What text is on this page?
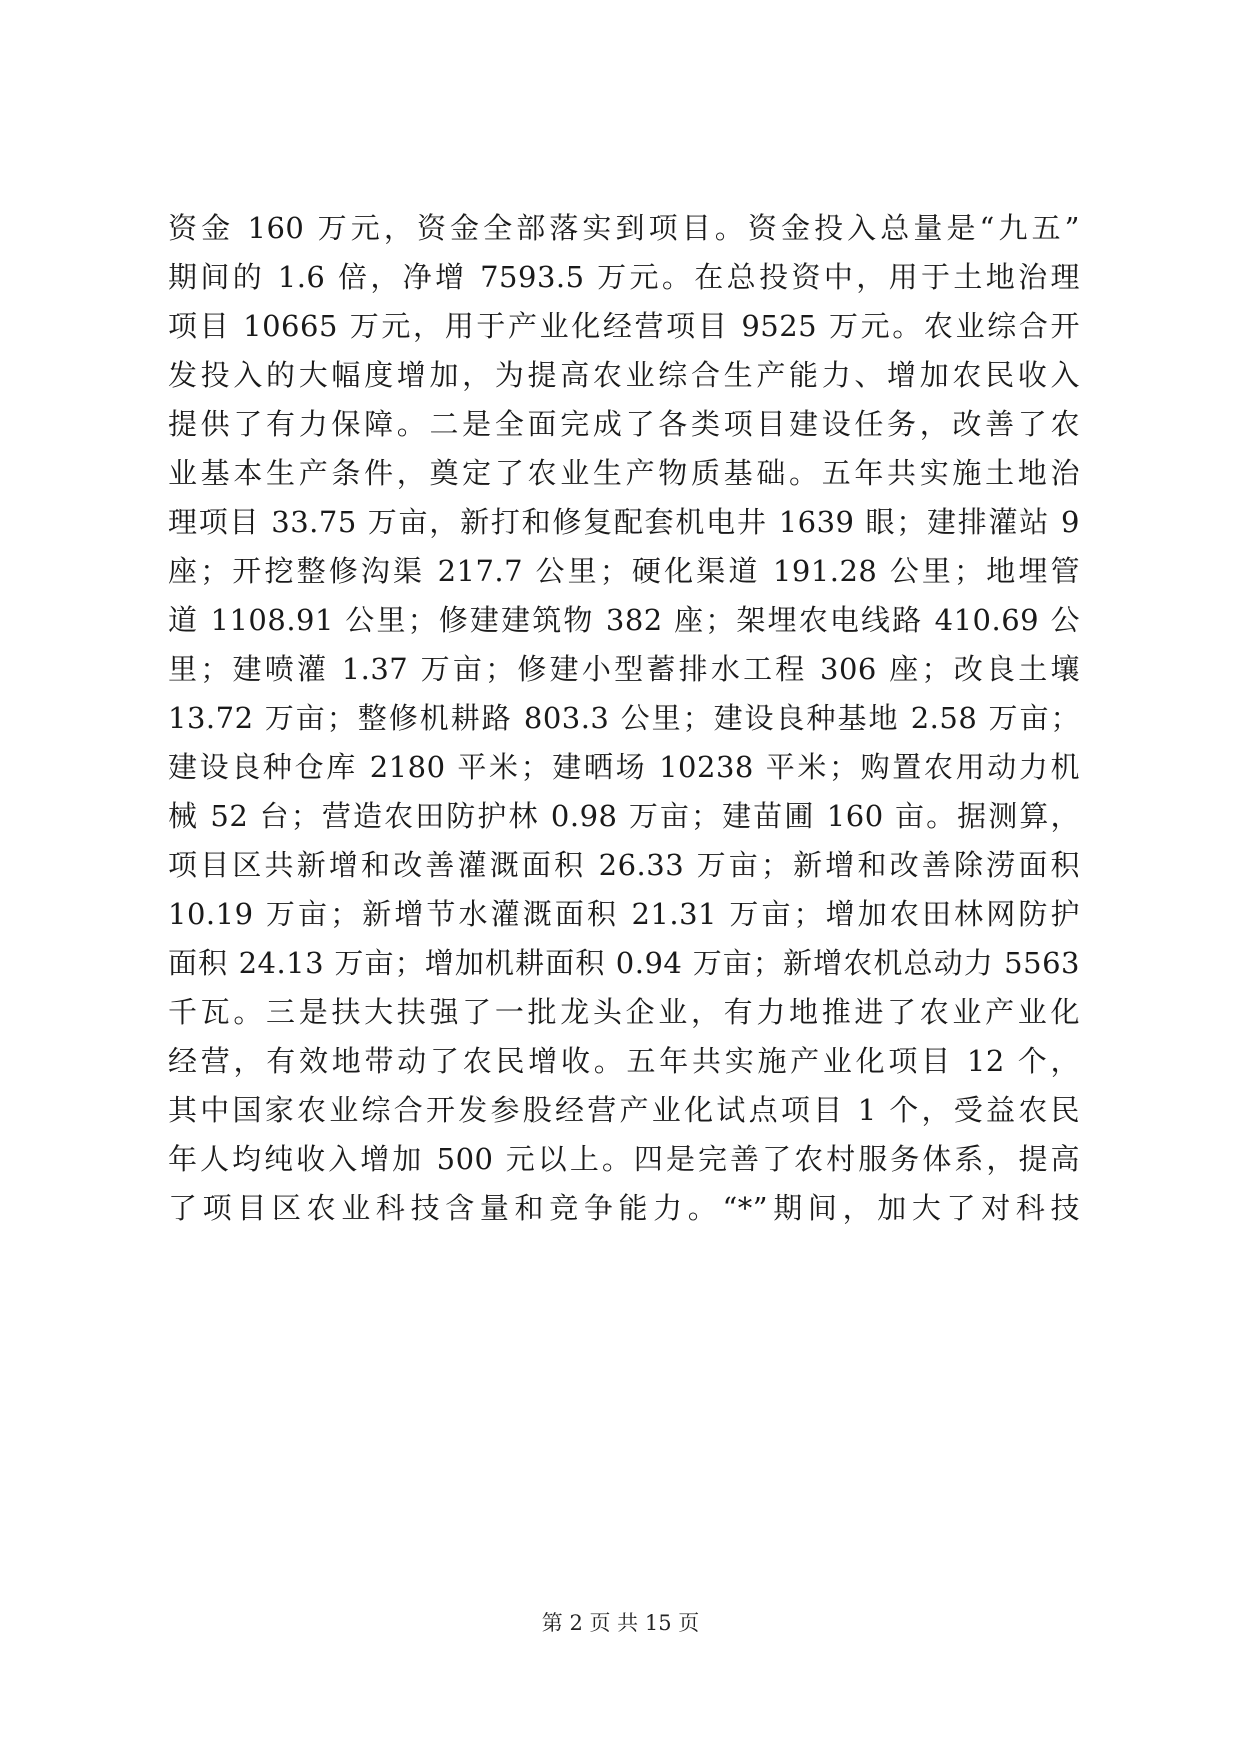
资金 160 万元，资金全部落实到项目。资金投入总量是“九五”
期间的 1.6 倍，净增 7593.5 万元。在总投资中，用于土地治理
项目 10665 万元，用于产业化经营项目 9525 万元。农业综合开
发投入的大幅度增加，为提高农业综合生产能力、增加农民收入
提供了有力保障。二是全面完成了各类项目建设任务，改善了农
业基本生产条件，奠定了农业生产物质基础。五年共实施土地治
理项目 33.75 万亩，新打和修复配套机电井 1639 眼；建排灌站 9
座；开挖整修沟渠 217.7 公里；硬化渠道 191.28 公里；地埋管
道 1108.91 公里；修建建筑物 382 座；架埋农电线路 410.69 公
里；建喷灌 1.37 万亩；修建小型蓄排水工程 306 座；改良土壤
13.72 万亩；整修机耕路 803.3 公里；建设良种基地 2.58 万亩；
建设良种仓库 2180 平米；建晒场 10238 平米；购置农用动力机
械 52 台；营造农田防护林 0.98 万亩；建苗圃 160 亩。据测算，
项目区共新增和改善灌溉面积 26.33 万亩；新增和改善除涝面积
10.19 万亩；新增节水灌溉面积 21.31 万亩；增加农田林网防护
面积 24.13 万亩；增加机耕面积 0.94 万亩；新增农机总动力 5563
千瓦。三是扶大扶强了一批龙头企业，有力地推进了农业产业化
经营，有效地带动了农民增收。五年共实施产业化项目 12 个，
其中国家农业综合开发参股经营产业化试点项目 1 个，受益农民
年人均纯收入增加 500 元以上。四是完善了农村服务体系，提高
了项目区农业科技含量和竞争能力。“*”期间，加大了对科技
第 2 页 共 15 页
